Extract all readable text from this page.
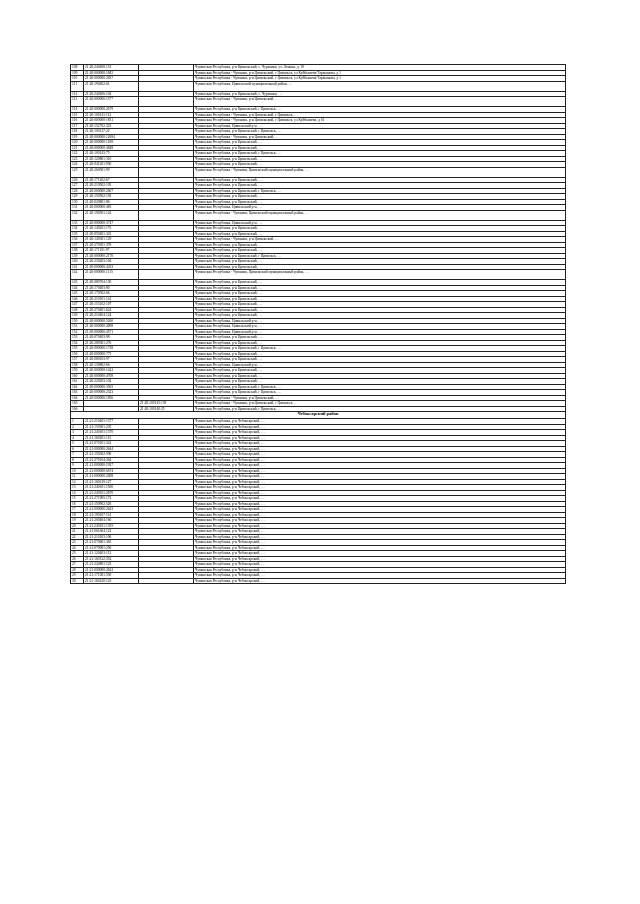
108	21:20:240408:153		Чувашская Республика, р-н Цивильский, с. Чурачики, ул. Ленина, д. 19
109	21:20:000000:1845		Чувашская Республика - Чувашия, р-н Цивильский, г Цивильск, ул Куйбышева/Тараканова, д 1
110	21:20:000000:2837		Чувашская Республика - Чувашия, р-н Цивильский, г Цивильск, ул Куйбышева/Тараканова, д 1
111	21:20:190402:61		Чувашская Республика, Цивильский муниципальный район, …
112	21:20:240406:102		Чувашская Республика, р-н Цивильский, с. Чурачики, …
113	21:20:000000:1577		Чувашская Республика - Чувашия, р-н Цивильский, …
114	21:20:000000:2679		Чувашская Республика, р-н Цивильский, г Цивильск, …
115	21:20:100141:112		Чувашская Республика - Чувашия, р-н Цивильский, г Цивильск, …
116	21:20:000000:1831		Чувашская Республика - Чувашия, р-н Цивильский, г Цивильск, ул Куйбышева, д 16
117	21:20:152702:323		Чувашская Республика, Цивильский р-н, …
118	21:20:100127:22		Чувашская Республика, р-н Цивильский, г Цивильск, …
119	21:20:000000:12694		Чувашская Республика - Чувашия, р-н Цивильский, …
120	21:20:000000:1188		Чувашская Республика, р-н Цивильский, …
121	21:20:000000:4848		Чувашская Республика, р-н Цивильский, …
122	21:20:100143:75		Чувашская Республика, р-н Цивильский, г Цивильск, …
123	21:20:120801:310		Чувашская Республика, р-н Цивильский, …
124	21:20:041201:930		Чувашская Республика, р-н Цивильский, …
125	21:20:260501:99		Чувашская Республика - Чувашия, Цивильский муниципальный район, …
126	21:20:171202:67		Чувашская Республика, р-н Цивильский, …
127	21:20:210502:103		Чувашская Республика, р-н Цивильский, …
128	21:20:000000:2607		Чувашская Республика, р-н Цивильский, г Цивильск, …
129	21:20:150502:192		Чувашская Республика, р-н Цивильский, …
130	21:20:020801:86		Чувашская Республика, р-н Цивильский, …
131	21:20:000000:483		Чувашская Республика, Цивильский р-н, …
132	21:20:190501:124		Чувашская Республика - Чувашия, Цивильский муниципальный район, …
133	21:20:000000:3747		Чувашская Республика, Цивильский р-н, …
134	21:20:140201:175		Чувашская Республика, р-н Цивильский, …
135	21:20:050401:341		Чувашская Республика, р-н Цивильский, …
136	21:20:140301:129		Чувашская Республика - Чувашия, р-н Цивильский, …
137	21:20:270501:378		Чувашская Республика, р-н Цивильский, …
138	21:20:171101:97		Чувашская Республика, р-н Цивильский, …
139	21:20:000000:2170		Чувашская Республика, р-н Цивильский, г Цивильск, …
140	21:20:230203:104		Чувашская Республика, р-н Цивильский, …
141	21:20:000000:4433		Чувашская Республика, р-н Цивильский, …
142	21:20:000000:1115		Чувашская Республика - Чувашия, Цивильский муниципальный район, …
143	21:20:080704:130		Чувашская Республика, р-н Цивильский, …
144	21:20:170403:80		Чувашская Республика, р-н Цивильский, …
145	21:20:170502:66		Чувашская Республика, р-н Цивильский, …
146	21:20:210101:141		Чувашская Республика, р-н Цивильский, …
147	21:20:153102:107		Чувашская Республика, р-н Цивильский, …
148	21:20:270401:624		Чувашская Республика, р-н Цивильский, …
149	21:20:210404:124		Чувашская Республика, р-н Цивильский, …
150	21:20:000000:5260		Чувашская Республика, Цивильский р-н, …
151	21:20:000000:4098		Чувашская Республика, Цивильский р-н, …
152	21:20:000000:4571		Чувашская Республика, Цивильский р-н, …
153	21:20:070403:98		Чувашская Республика, р-н Цивильский, …
154	21:20:280301:276		Чувашская Республика, р-н Цивильский, …
155	21:20:000000:1738		Чувашская Республика, р-н Цивильский, г Цивильск, …
156	21:20:000000:775		Чувашская Республика, р-н Цивильский, …
157	21:20:080103:97		Чувашская Республика, р-н Цивильский, …
158	21:20:130802:66		Чувашская Республика, Цивильский р-н, …
159	21:20:000000:1422		Чувашская Республика, р-н Цивильский, …
160	21:20:000000:4708		Чувашская Республика, р-н Цивильский, …
161	21:20:220203:102		Чувашская Республика, р-н Цивильский, …
162	21:20:000000:3565		Чувашская Республика, р-н Цивильский, г Цивильск, …
163	21:20:000000:2323		Чувашская Республика, р-н Цивильский, г Цивильск, …
164	21:20:000000:1856		Чувашская Республика - Чувашия, р-н Цивильский, …
165		21:20:100145:139	Чувашская Республика - Чувашия, р-н Цивильский, г Цивильск, …
166		21:20:100140:25	Чувашская Республика, р-н Цивильский, г Цивильск, …
Чебоксарский район			
1	21:21:210401:1377		Чувашская Республика, р-н Чебоксарский, …
2	21:21:150301:235		Чувашская Республика, р-н Чебоксарский, …
3	21:21:240101:1370		Чувашская Республика, р-н Чебоксарский, …
4	21:21:160201:115		Чувашская Республика, р-н Чебоксарский, …
5	21:21:070101:322		Чувашская Республика, р-н Чебоксарский, …
6	21:21:000000:2644		Чувашская Республика, р-н Чебоксарский, …
7	21:21:150302:590		Чувашская Республика, р-н Чебоксарский, …
8	21:21:270104:264		Чувашская Республика, р-н Чебоксарский, …
9	21:21:000000:1927		Чувашская Республика, р-н Чебоксарский, …
10	21:21:000000:6674		Чувашская Республика, р-н Чебоксарский, …
11	21:21:000000:2408		Чувашская Республика, р-н Чебоксарский, …
12	21:21:160129:127		Чувашская Республика, р-н Чебоксарский, …
13	21:21:240101:1500		Чувашская Республика, р-н Чебоксарский, …
14	21:21:240101:2670		Чувашская Республика, р-н Чебоксарский, …
15	21:21:271905:172		Чувашская Республика, р-н Чебоксарский, …
16	21:21:150902:526		Чувашская Республика, р-н Чебоксарский, …
17	21:21:000000:2643		Чувашская Республика, р-н Чебоксарский, …
18	21:21:190107:114		Чувашская Республика, р-н Чебоксарский, …
19	21:21:200404:160		Чувашская Республика, р-н Чебоксарский, …
20	21:21:240101:1355		Чувашская Республика, р-н Чебоксарский, …
21	21:21:061604:122		Чувашская Республика, р-н Чебоксарский, …
22	21:21:210103:106		Чувашская Республика, р-н Чебоксарский, …
23	21:21:070601:365		Чувашская Республика, р-н Чебоксарский, …
24	21:21:070901:256		Чувашская Республика, р-н Чебоксарский, …
25	21:21:120403:112		Чувашская Республика, р-н Чебоксарский, …
26	21:21:160122:352		Чувашская Республика, р-н Чебоксарский, …
27	21:21:244801:123		Чувашская Республика, р-н Чебоксарский, …
28	21:21:000000:2622		Чувашская Республика, р-н Чебоксарский, …
29	21:21:171001:550		Чувашская Республика, р-н Чебоксарский, …
30	21:21:160220:123		Чувашская Республика, р-н Чебоксарский, …
